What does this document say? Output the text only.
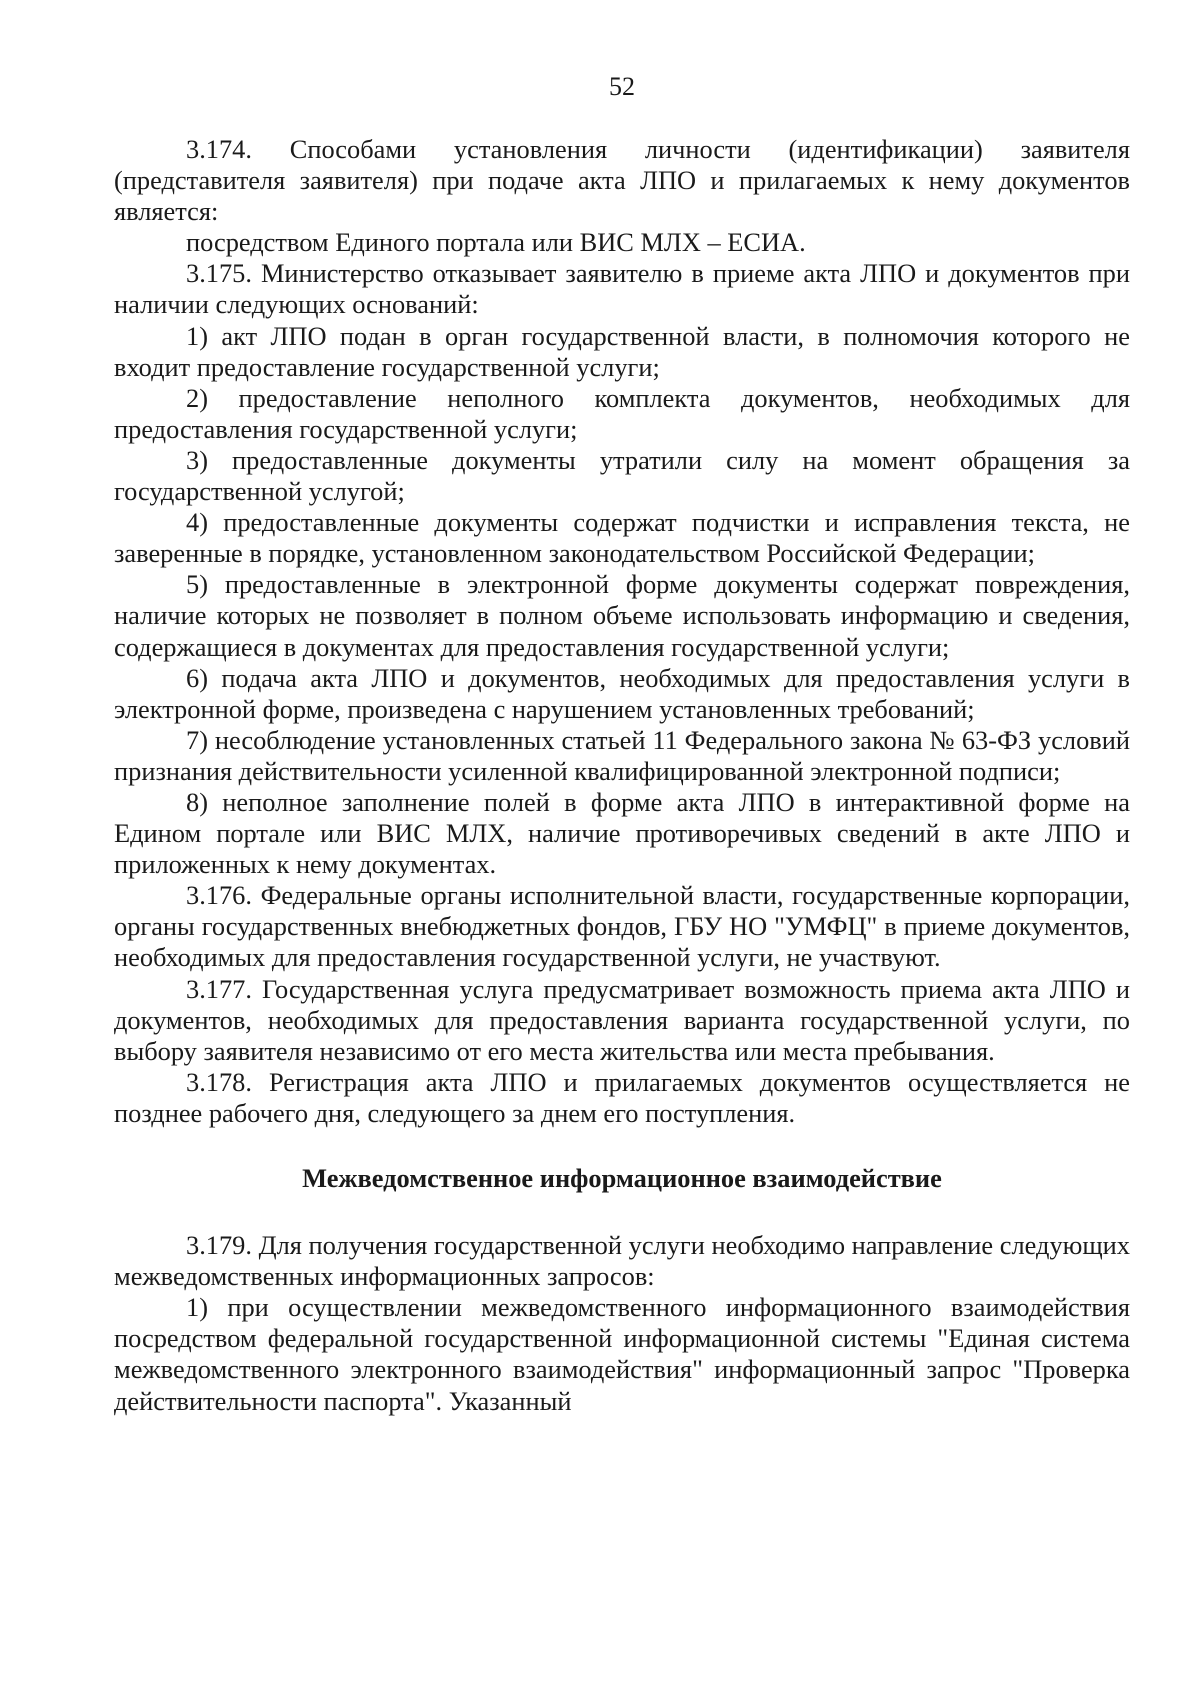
52

3.174. Способами установления личности (идентификации) заявителя (представителя заявителя) при подаче акта ЛПО и прилагаемых к нему документов является:

посредством Единого портала или ВИС МЛХ – ЕСИА.

3.175. Министерство отказывает заявителю в приеме акта ЛПО и документов при наличии следующих оснований:

1) акт ЛПО подан в орган государственной власти, в полномочия которого не входит предоставление государственной услуги;

2) предоставление неполного комплекта документов, необходимых для предоставления государственной услуги;

3) предоставленные документы утратили силу на момент обращения за государственной услугой;

4) предоставленные документы содержат подчистки и исправления текста, не заверенные в порядке, установленном законодательством Российской Федерации;

5) предоставленные в электронной форме документы содержат повреждения, наличие которых не позволяет в полном объеме использовать информацию и сведения, содержащиеся в документах для предоставления государственной услуги;

6) подача акта ЛПО и документов, необходимых для предоставления услуги в электронной форме, произведена с нарушением установленных требований;

7) несоблюдение установленных статьей 11 Федерального закона № 63-ФЗ условий признания действительности усиленной квалифицированной электронной подписи;

8) неполное заполнение полей в форме акта ЛПО в интерактивной форме на Едином портале или ВИС МЛХ, наличие противоречивых сведений в акте ЛПО и приложенных к нему документах.

3.176. Федеральные органы исполнительной власти, государственные корпорации, органы государственных внебюджетных фондов, ГБУ НО "УМФЦ" в приеме документов, необходимых для предоставления государственной услуги, не участвуют.

3.177. Государственная услуга предусматривает возможность приема акта ЛПО и документов, необходимых для предоставления варианта государственной услуги, по выбору заявителя независимо от его места жительства или места пребывания.

3.178. Регистрация акта ЛПО и прилагаемых документов осуществляется не позднее рабочего дня, следующего за днем его поступления.

Межведомственное информационное взаимодействие

3.179. Для получения государственной услуги необходимо направление следующих межведомственных информационных запросов:

1) при осуществлении межведомственного информационного взаимодействия посредством федеральной государственной информационной системы "Единая система межведомственного электронного взаимодействия" информационный запрос "Проверка действительности паспорта". Указанный
